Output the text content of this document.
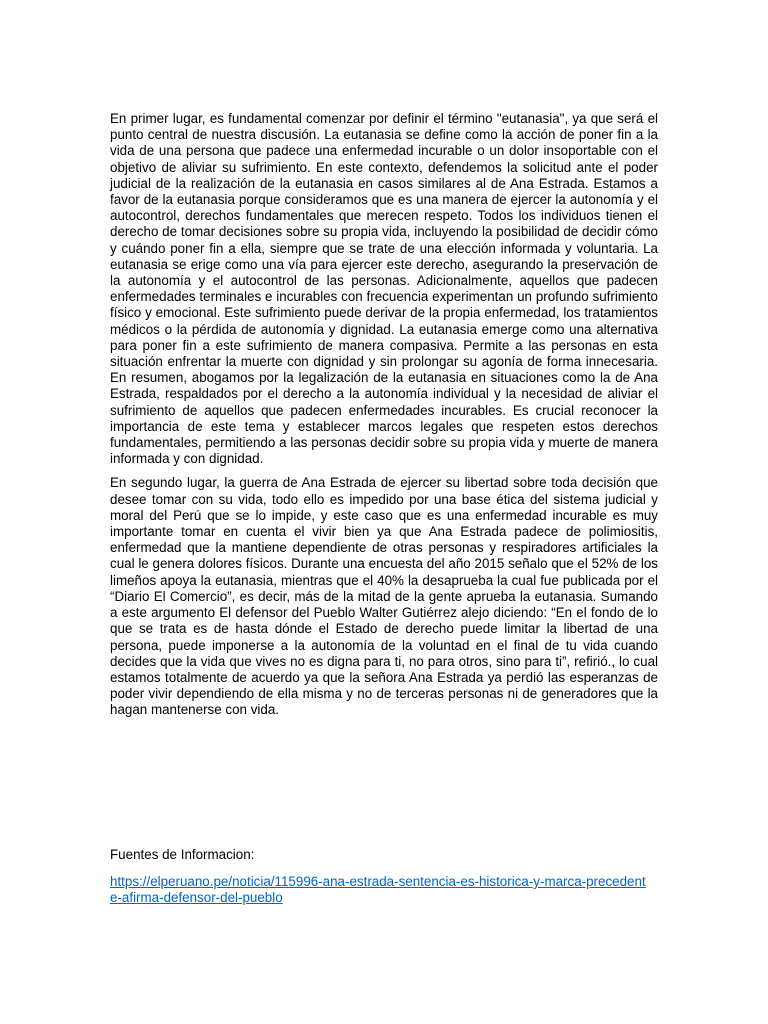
En primer lugar, es fundamental comenzar por definir el término "eutanasia", ya que será el punto central de nuestra discusión. La eutanasia se define como la acción de poner fin a la vida de una persona que padece una enfermedad incurable o un dolor insoportable con el objetivo de aliviar su sufrimiento. En este contexto, defendemos la solicitud ante el poder judicial de la realización de la eutanasia en casos similares al de Ana Estrada. Estamos a favor de la eutanasia porque consideramos que es una manera de ejercer la autonomía y el autocontrol, derechos fundamentales que merecen respeto. Todos los individuos tienen el derecho de tomar decisiones sobre su propia vida, incluyendo la posibilidad de decidir cómo y cuándo poner fin a ella, siempre que se trate de una elección informada y voluntaria. La eutanasia se erige como una vía para ejercer este derecho, asegurando la preservación de la autonomía y el autocontrol de las personas. Adicionalmente, aquellos que padecen enfermedades terminales e incurables con frecuencia experimentan un profundo sufrimiento físico y emocional. Este sufrimiento puede derivar de la propia enfermedad, los tratamientos médicos o la pérdida de autonomía y dignidad. La eutanasia emerge como una alternativa para poner fin a este sufrimiento de manera compasiva. Permite a las personas en esta situación enfrentar la muerte con dignidad y sin prolongar su agonía de forma innecesaria. En resumen, abogamos por la legalización de la eutanasia en situaciones como la de Ana Estrada, respaldados por el derecho a la autonomía individual y la necesidad de aliviar el sufrimiento de aquellos que padecen enfermedades incurables. Es crucial reconocer la importancia de este tema y establecer marcos legales que respeten estos derechos fundamentales, permitiendo a las personas decidir sobre su propia vida y muerte de manera informada y con dignidad.

En segundo lugar, la guerra de Ana Estrada de ejercer su libertad sobre toda decisión que desee tomar con su vida, todo ello es impedido por una base ética del sistema judicial y moral del Perú que se lo impide, y este caso que es una enfermedad incurable es muy importante tomar en cuenta el vivir bien ya que Ana Estrada padece de polimiositis, enfermedad que la mantiene dependiente de otras personas y respiradores artificiales la cual le genera dolores físicos. Durante una encuesta del año 2015 señalo que el 52% de los limeños apoya la eutanasia, mientras que el 40% la desaprueba la cual fue publicada por el “Diario El Comercio”, es decir, más de la mitad de la gente aprueba la eutanasia. Sumando a este argumento El defensor del Pueblo Walter Gutiérrez alejo diciendo: “En el fondo de lo que se trata es de hasta dónde el Estado de derecho puede limitar la libertad de una persona, puede imponerse a la autonomía de la voluntad en el final de tu vida cuando decides que la vida que vives no es digna para ti, no para otros, sino para ti”, refirió., lo cual estamos totalmente de acuerdo ya que la señora Ana Estrada ya perdió las esperanzas de poder vivir dependiendo de ella misma y no de terceras personas ni de generadores que la hagan mantenerse con vida.

Fuentes de Informacion:

https://elperuano.pe/noticia/115996-ana-estrada-sentencia-es-historica-y-marca-precedente-afirma-defensor-del-pueblo
